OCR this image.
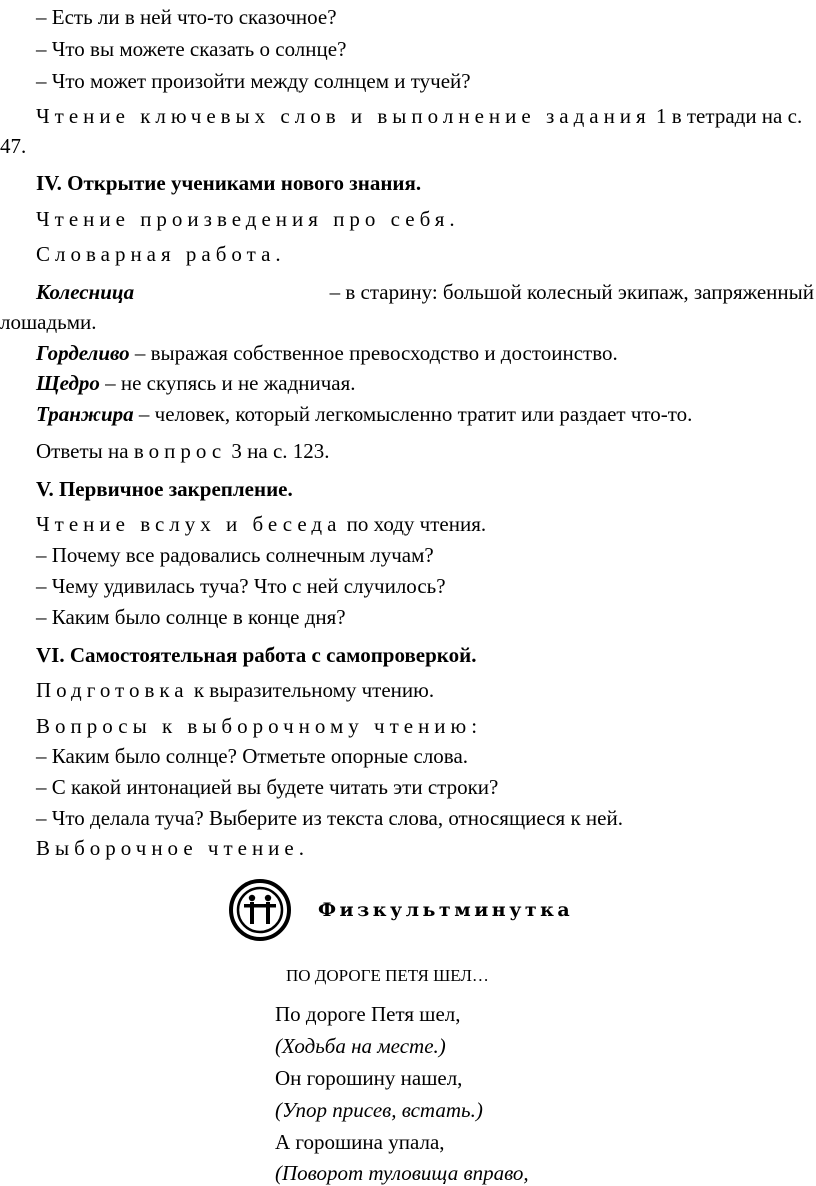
– Есть ли в ней что-то сказочное?
– Что вы можете сказать о солнце?
– Что может произойти между солнцем и тучей?
Чтение ключевых слов и выполнение задания 1 в тетради на с.
47.
IV. Открытие учениками нового знания.
Чтение произведения про себя.
Словарная работа.
Колесница	– в старину: большой колесный экипаж, запряженный
лошадьми.
Горделиво – выражая собственное превосходство и достоинство.
Щедро – не скупясь и не жадничая.
Транжира – человек, который легкомысленно тратит или раздает что-то.
Ответы на вопрос 3 на с. 123.
V. Первичное закрепление.
Чтение вслух и беседа по ходу чтения.
– Почему все радовались солнечным лучам?
– Чему удивилась туча? Что с ней случилось?
– Каким было солнце в конце дня?
VI. Самостоятельная работа с самопроверкой.
Подготовка к выразительному чтению.
Вопросы к выборочному чтению:
– Каким было солнце? Отметьте опорные слова.
– С какой интонацией вы будете читать эти строки?
– Что делала туча? Выберите из текста слова, относящиеся к ней.
Выборочное чтение.
Физкультминутка
ПО ДОРОГЕ ПЕТЯ ШЕЛ…
По дороге Петя шел,
(Ходьба на месте.)
Он горошину нашел,
(Упор присев, встать.)
А горошина упала,
(Поворот туловища вправо,
